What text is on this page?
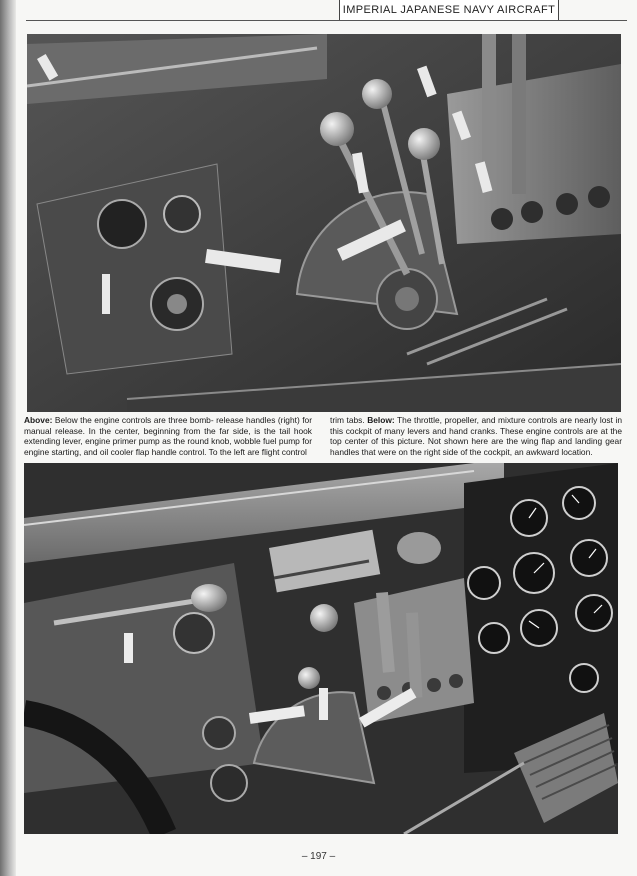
IMPERIAL JAPANESE NAVY AIRCRAFT
Above: Below the engine controls are three bomb- release handles (right) for manual release. In the center, beginning from the far side, is the tail hook extending lever, engine primer pump as the round knob, wobble fuel pump for engine starting, and oil cooler flap handle control. To the left are flight control
trim tabs. Below: The throttle, propeller, and mixture controls are nearly lost in this cockpit of many levers and hand cranks. These engine controls are at the top center of this picture. Not shown here are the wing flap and landing gear handles that were on the right side of the cockpit, an awkward location.
– 197 –
